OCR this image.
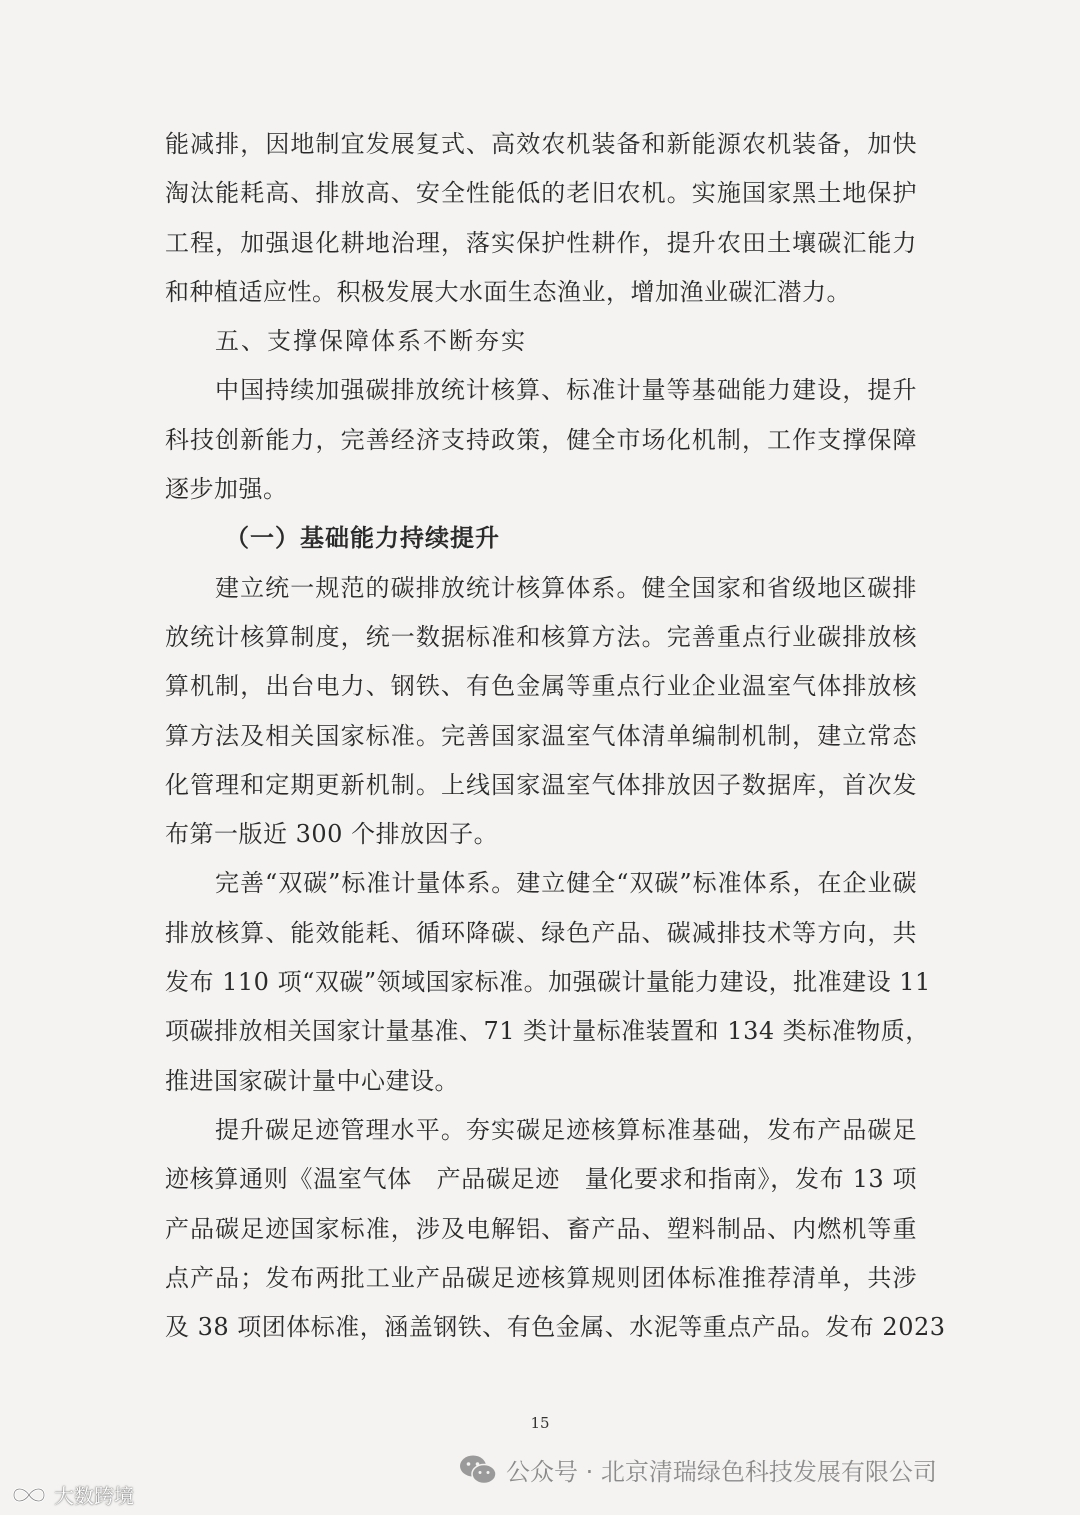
能减排，因地制宜发展复式、高效农机装备和新能源农机装备，加快
淘汰能耗高、排放高、安全性能低的老旧农机。实施国家黑土地保护
工程，加强退化耕地治理，落实保护性耕作，提升农田土壤碳汇能力
和种植适应性。积极发展大水面生态渔业，增加渔业碳汇潜力。
五、支撑保障体系不断夯实
中国持续加强碳排放统计核算、标准计量等基础能力建设，提升
科技创新能力，完善经济支持政策，健全市场化机制，工作支撑保障
逐步加强。
（一）基础能力持续提升
建立统一规范的碳排放统计核算体系。健全国家和省级地区碳排
放统计核算制度，统一数据标准和核算方法。完善重点行业碳排放核
算机制，出台电力、钢铁、有色金属等重点行业企业温室气体排放核
算方法及相关国家标准。完善国家温室气体清单编制机制，建立常态
化管理和定期更新机制。上线国家温室气体排放因子数据库，首次发
布第一版近 300 个排放因子。
完善“双碳”标准计量体系。建立健全“双碳”标准体系，在企业碳
排放核算、能效能耗、循环降碳、绿色产品、碳减排技术等方向，共
发布 110 项“双碳”领域国家标准。加强碳计量能力建设，批准建设 11
项碳排放相关国家计量基准、71 类计量标准装置和 134 类标准物质，
推进国家碳计量中心建设。
提升碳足迹管理水平。夯实碳足迹核算标准基础，发布产品碳足
迹核算通则《温室气体　产品碳足迹　量化要求和指南》，发布 13 项
产品碳足迹国家标准，涉及电解铝、畜产品、塑料制品、内燃机等重
点产品；发布两批工业产品碳足迹核算规则团体标准推荐清单，共涉
及 38 项团体标准，涵盖钢铁、有色金属、水泥等重点产品。发布 2023
15
公众号 · 北京清瑞绿色科技发展有限公司
大数跨境
